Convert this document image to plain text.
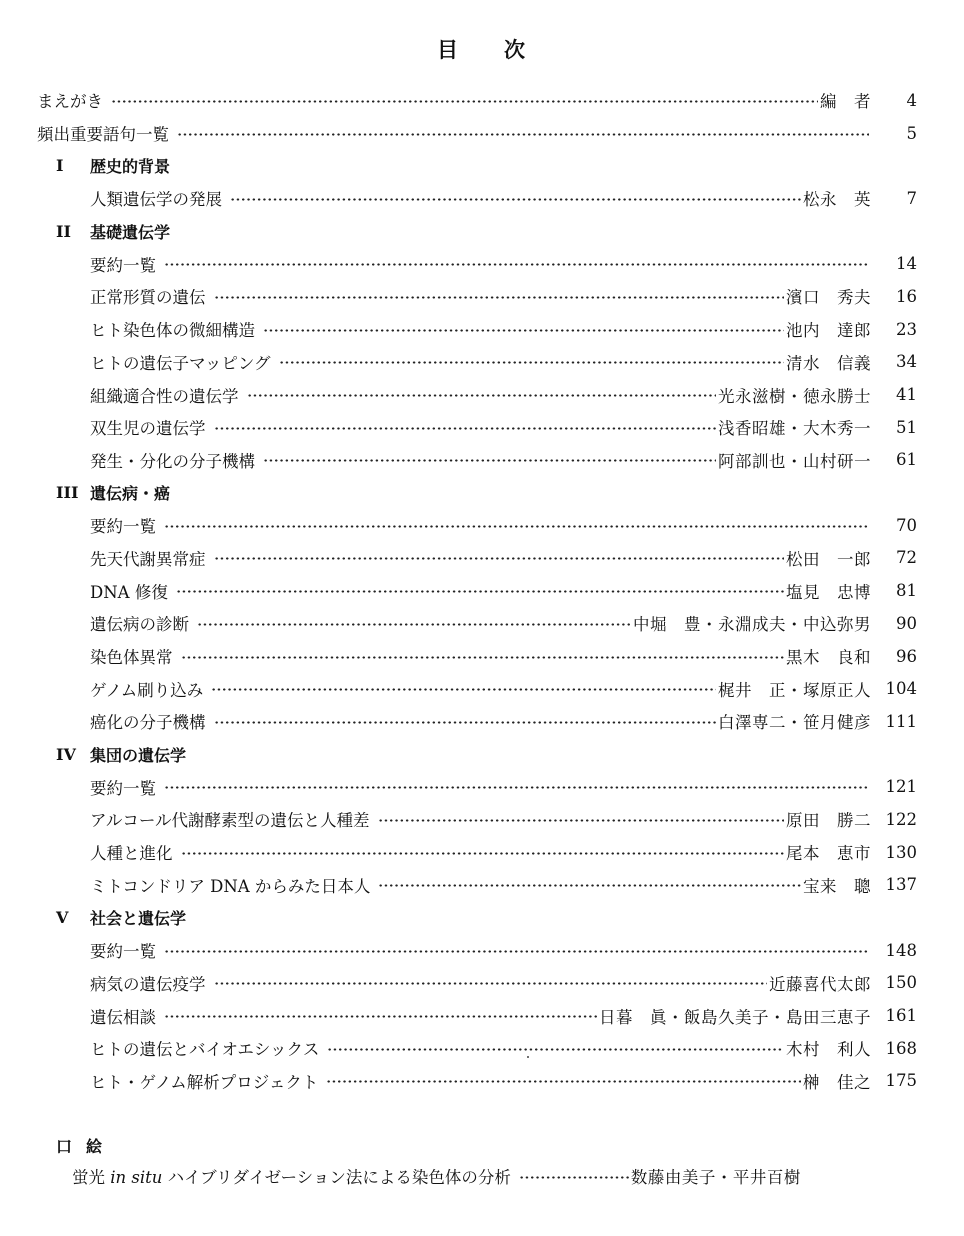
目 次
まえがき	編　者	4
頻出重要語句一覧	5
I	歴史的背景
人類遺伝学の発展	松永　英	7
II	基礎遺伝学
要約一覧	14
正常形質の遺伝	濱口　秀夫	16
ヒト染色体の微細構造	池内　達郎	23
ヒトの遺伝子マッピング	清水　信義	34
組織適合性の遺伝学	光永滋樹・徳永勝士	41
双生児の遺伝学	浅香昭雄・大木秀一	51
発生・分化の分子機構	阿部訓也・山村研一	61
III 遺伝病・癌
要約一覧	70
先天代謝異常症	松田　一郎	72
DNA 修復	塩見　忠博	81
遺伝病の診断	中堀　豊・永淵成夫・中込弥男	90
染色体異常	黒木　良和	96
ゲノム刷り込み	梶井　正・塚原正人 104
癌化の分子機構	白澤専二・笹月健彦 111
IV 集団の遺伝学
要約一覧	121
アルコール代謝酵素型の遺伝と人種差	原田　勝二 122
人種と進化	尾本　恵市 130
ミトコンドリア DNA からみた日本人	宝来　聰 137
V	社会と遺伝学
要約一覧	148
病気の遺伝疫学	近藤喜代太郎 150
遺伝相談	日暮　眞・飯島久美子・島田三恵子 161
ヒトの遺伝とバイオエシックス	木村　利人 168
ヒト・ゲノム解析プロジェクト	榊　佳之 175
口 絵
蛍光 in situ ハイブリダイゼーション法による染色体の分析	数藤由美子・平井百樹
